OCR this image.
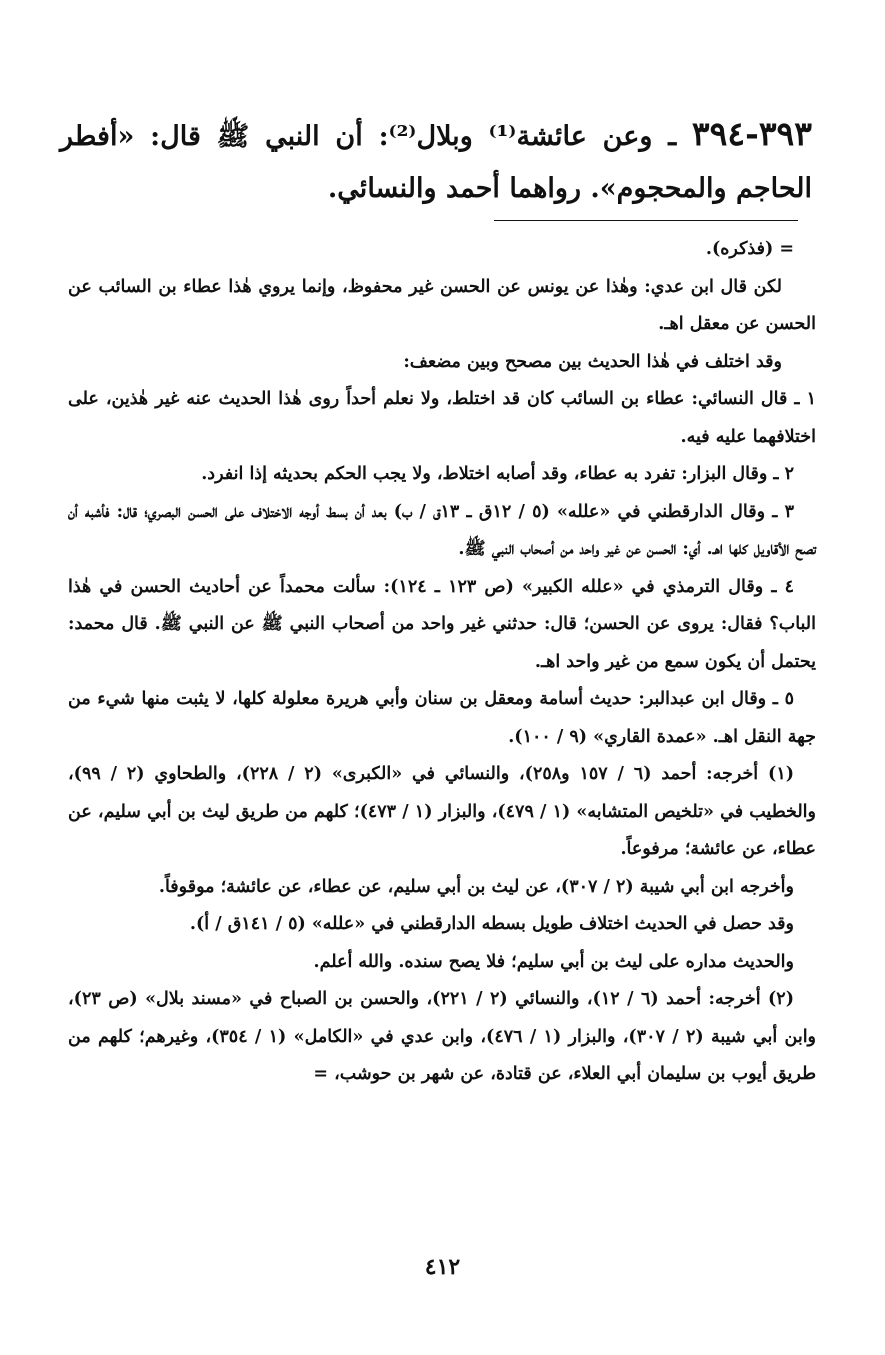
٣٩٣-٣٩٤ ـ وعن عائشة⁽¹⁾ وبلال⁽²⁾: أن النبي ﷺ قال: «أفطر الحاجم والمحجوم». رواهما أحمد والنسائي.

= (فذكره).

لكن قال ابن عدي: وهٰذا عن يونس عن الحسن غير محفوظ، وإنما يروي هٰذا عطاء بن السائب عن الحسن عن معقل اهـ.

وقد اختلف في هٰذا الحديث بين مصحح وبين مضعف:

١ ـ قال النسائي: عطاء بن السائب كان قد اختلط، ولا نعلم أحداً روى هٰذا الحديث عنه غير هٰذين، على اختلافهما عليه فيه.

٢ ـ وقال البزار: تفرد به عطاء، وقد أصابه اختلاط، ولا يجب الحكم بحديثه إذا انفرد.

٣ ـ وقال الدارقطني في «علله» (٥ / ١٢ق ـ ١٣ق / ب) بعد أن بسط أوجه الاختلاف على الحسن البصري؛ قال: فأشبه أن تصح الأقاويل كلها اهـ. أي: الحسن عن غير واحد من أصحاب النبي ﷺ.

٤ ـ وقال الترمذي في «علله الكبير» (ص ١٢٣ ـ ١٢٤): سألت محمداً عن أحاديث الحسن في هٰذا الباب؟ فقال: يروى عن الحسن؛ قال: حدثني غير واحد من أصحاب النبي ﷺ عن النبي ﷺ. قال محمد: يحتمل أن يكون سمع من غير واحد اهـ.

٥ ـ وقال ابن عبدالبر: حديث أسامة ومعقل بن سنان وأبي هريرة معلولة كلها، لا يثبت منها شيء من جهة النقل اهـ. «عمدة القاري» (٩ / ١٠٠).

(١) أخرجه: أحمد (٦ / ١٥٧ و٢٥٨)، والنسائي في «الكبرى» (٢ / ٢٢٨)، والطحاوي (٢ / ٩٩)، والخطيب في «تلخيص المتشابه» (١ / ٤٧٩)، والبزار (١ / ٤٧٣)؛ كلهم من طريق ليث بن أبي سليم، عن عطاء، عن عائشة؛ مرفوعاً.

وأخرجه ابن أبي شيبة (٢ / ٣٠٧)، عن ليث بن أبي سليم، عن عطاء، عن عائشة؛ موقوفاً.

وقد حصل في الحديث اختلاف طويل بسطه الدارقطني في «علله» (٥ / ١٤١ق / أ).

والحديث مداره على ليث بن أبي سليم؛ فلا يصح سنده. والله أعلم.

(٢) أخرجه: أحمد (٦ / ١٢)، والنسائي (٢ / ٢٢١)، والحسن بن الصباح في «مسند بلال» (ص ٢٣)، وابن أبي شيبة (٢ / ٣٠٧)، والبزار (١ / ٤٧٦)، وابن عدي في «الكامل» (١ / ٣٥٤)، وغيرهم؛ كلهم من طريق أيوب بن سليمان أبي العلاء، عن قتادة، عن شهر بن حوشب، =

٤١٢
